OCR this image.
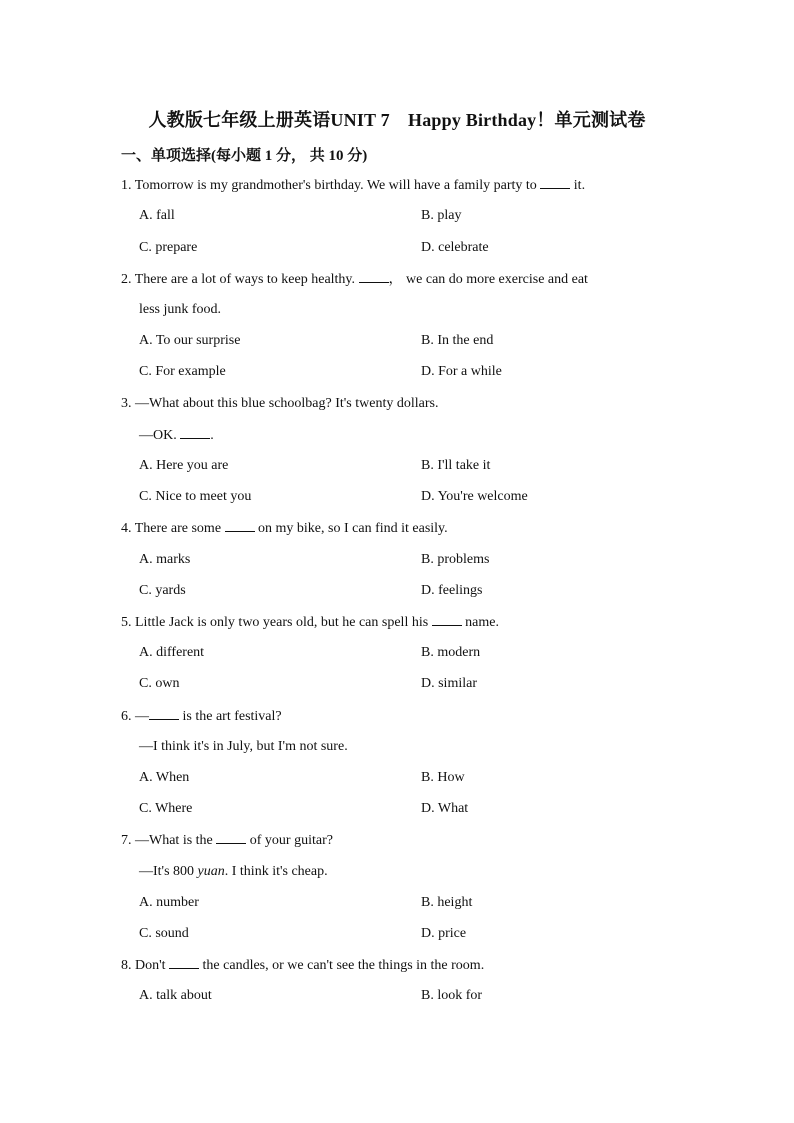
人教版七年级上册英语UNIT 7　Happy Birthday！单元测试卷
一、单项选择(每小题 1 分， 共 10 分)
1. Tomorrow is my grandmother's birthday. We will have a family party to  it.
A. fall	B. play
C. prepare	D. celebrate
2. There are a lot of ways to keep healthy. ， we can do more exercise and eat
less junk food.
A. To our surprise	B. In the end
C. For example	D. For a while
3. —What about this blue schoolbag? It's twenty dollars.
—OK. .
A. Here you are	B. I'll take it
C. Nice to meet you	D. You're welcome
4. There are some  on my bike, so I can find it easily.
A. marks	B. problems
C. yards	D. feelings
5. Little Jack is only two years old, but he can spell his  name.
A. different	B. modern
C. own	D. similar
6. — is the art festival?
—I think it's in July, but I'm not sure.
A. When	B. How
C. Where	D. What
7. —What is the  of your guitar?
—It's 800 yuan. I think it's cheap.
A. number	B. height
C. sound	D. price
8. Don't  the candles, or we can't see the things in the room.
A. talk about	B. look for
